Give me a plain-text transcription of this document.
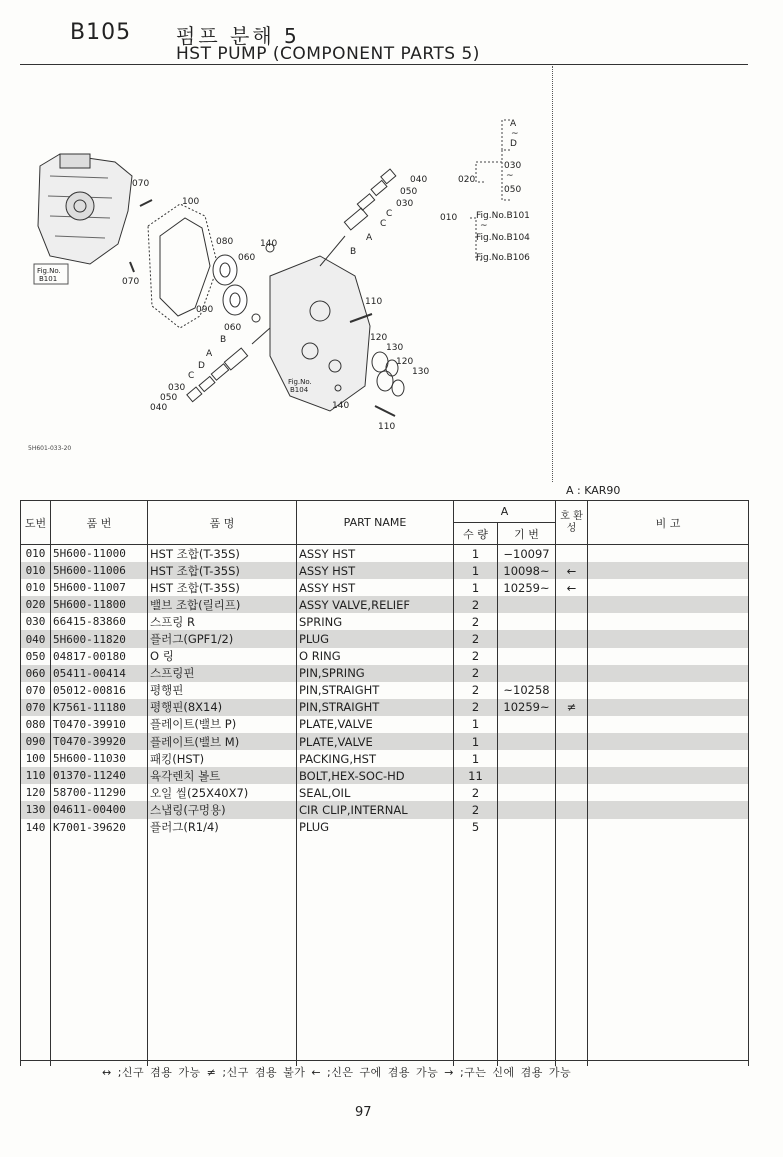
B105 펌프 분해 5
HST PUMP (COMPONENT PARTS 5)
070
100
080	140
060
090
060
B
A
D
C
030
050
040
040
050
030
C
C
A
B
110
120
130
120
130
140
110
070
Fig.No.
B101
Fig.No.
B104
5H601-033-20
A
~
D
030
020	~
050
010 Fig.No.B101
~
Fig.No.B104
Fig.No.B106
A : KAR90
도번	품 번	품 명	PART NAME	A		호 환 성	비 고
				수 량	기 번		
010	5H600-11000	HST 조합(T-35S)	ASSY HST	1	−10097		
010	5H600-11006	HST 조합(T-35S)	ASSY HST	1	10098~	←	
010	5H600-11007	HST 조합(T-35S)	ASSY HST	1	10259~	←	
020	5H600-11800	밸브 조합(릴리프)	ASSY VALVE,RELIEF	2			
030	66415-83860	스프링 R	SPRING	2			
040	5H600-11820	플러그(GPF1/2)	PLUG	2			
050	04817-00180	O 링	O RING	2			
060	05411-00414	스프링핀	PIN,SPRING	2			
070	05012-00816	평행핀	PIN,STRAIGHT	2	~10258		
070	K7561-11180	평행핀(8X14)	PIN,STRAIGHT	2	10259~	≠	
080	T0470-39910	플레이트(밸브 P)	PLATE,VALVE	1			
090	T0470-39920	플레이트(밸브 M)	PLATE,VALVE	1			
100	5H600-11030	패킹(HST)	PACKING,HST	1			
110	01370-11240	육각렌치 볼트	BOLT,HEX-SOC-HD	11			
120	58700-11290	오일 씰(25X40X7)	SEAL,OIL	2			
130	04611-00400	스냅링(구멍용)	CIR CLIP,INTERNAL	2			
140	K7001-39620	플러그(R1/4)	PLUG	5			

↔ ;신구 겸용 가능 ≠ ;신구 겸용 불가 ← ;신은 구에 겸용 가능 → ;구는 신에 겸용 가능
97
